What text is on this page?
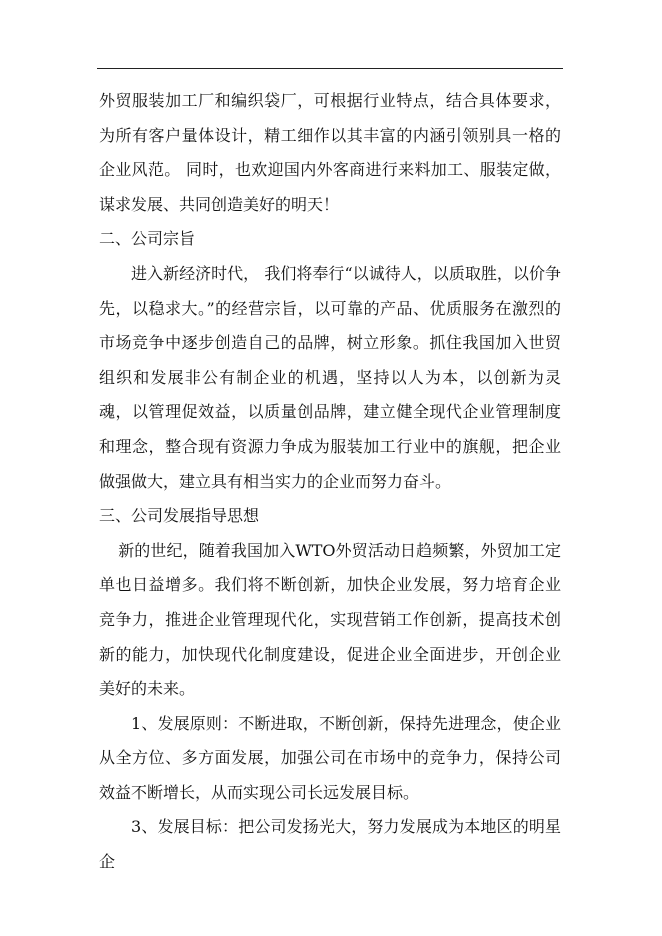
外贸服装加工厂和编织袋厂，可根据行业特点，结合具体要求，为所有客户量体设计，精工细作以其丰富的内涵引领别具一格的企业风范。 同时，也欢迎国内外客商进行来料加工、服装定做，谋求发展、共同创造美好的明天！

二、公司宗旨

进入新经济时代， 我们将奉行“以诚待人，以质取胜，以价争先，以稳求大。”的经营宗旨，以可靠的产品、优质服务在激烈的市场竞争中逐步创造自己的品牌，树立形象。抓住我国加入世贸组织和发展非公有制企业的机遇，坚持以人为本，以创新为灵魂，以管理促效益，以质量创品牌，建立健全现代企业管理制度和理念，整合现有资源力争成为服装加工行业中的旗舰，把企业做强做大，建立具有相当实力的企业而努力奋斗。

三、公司发展指导思想

新的世纪，随着我国加入WTO外贸活动日趋频繁，外贸加工定单也日益增多。我们将不断创新，加快企业发展，努力培育企业竞争力，推进企业管理现代化，实现营销工作创新，提高技术创新的能力，加快现代化制度建设，促进企业全面进步，开创企业美好的未来。

1、发展原则：不断进取，不断创新，保持先进理念，使企业从全方位、多方面发展，加强公司在市场中的竞争力，保持公司效益不断增长，从而实现公司长远发展目标。

3、发展目标：把公司发扬光大，努力发展成为本地区的明星企
